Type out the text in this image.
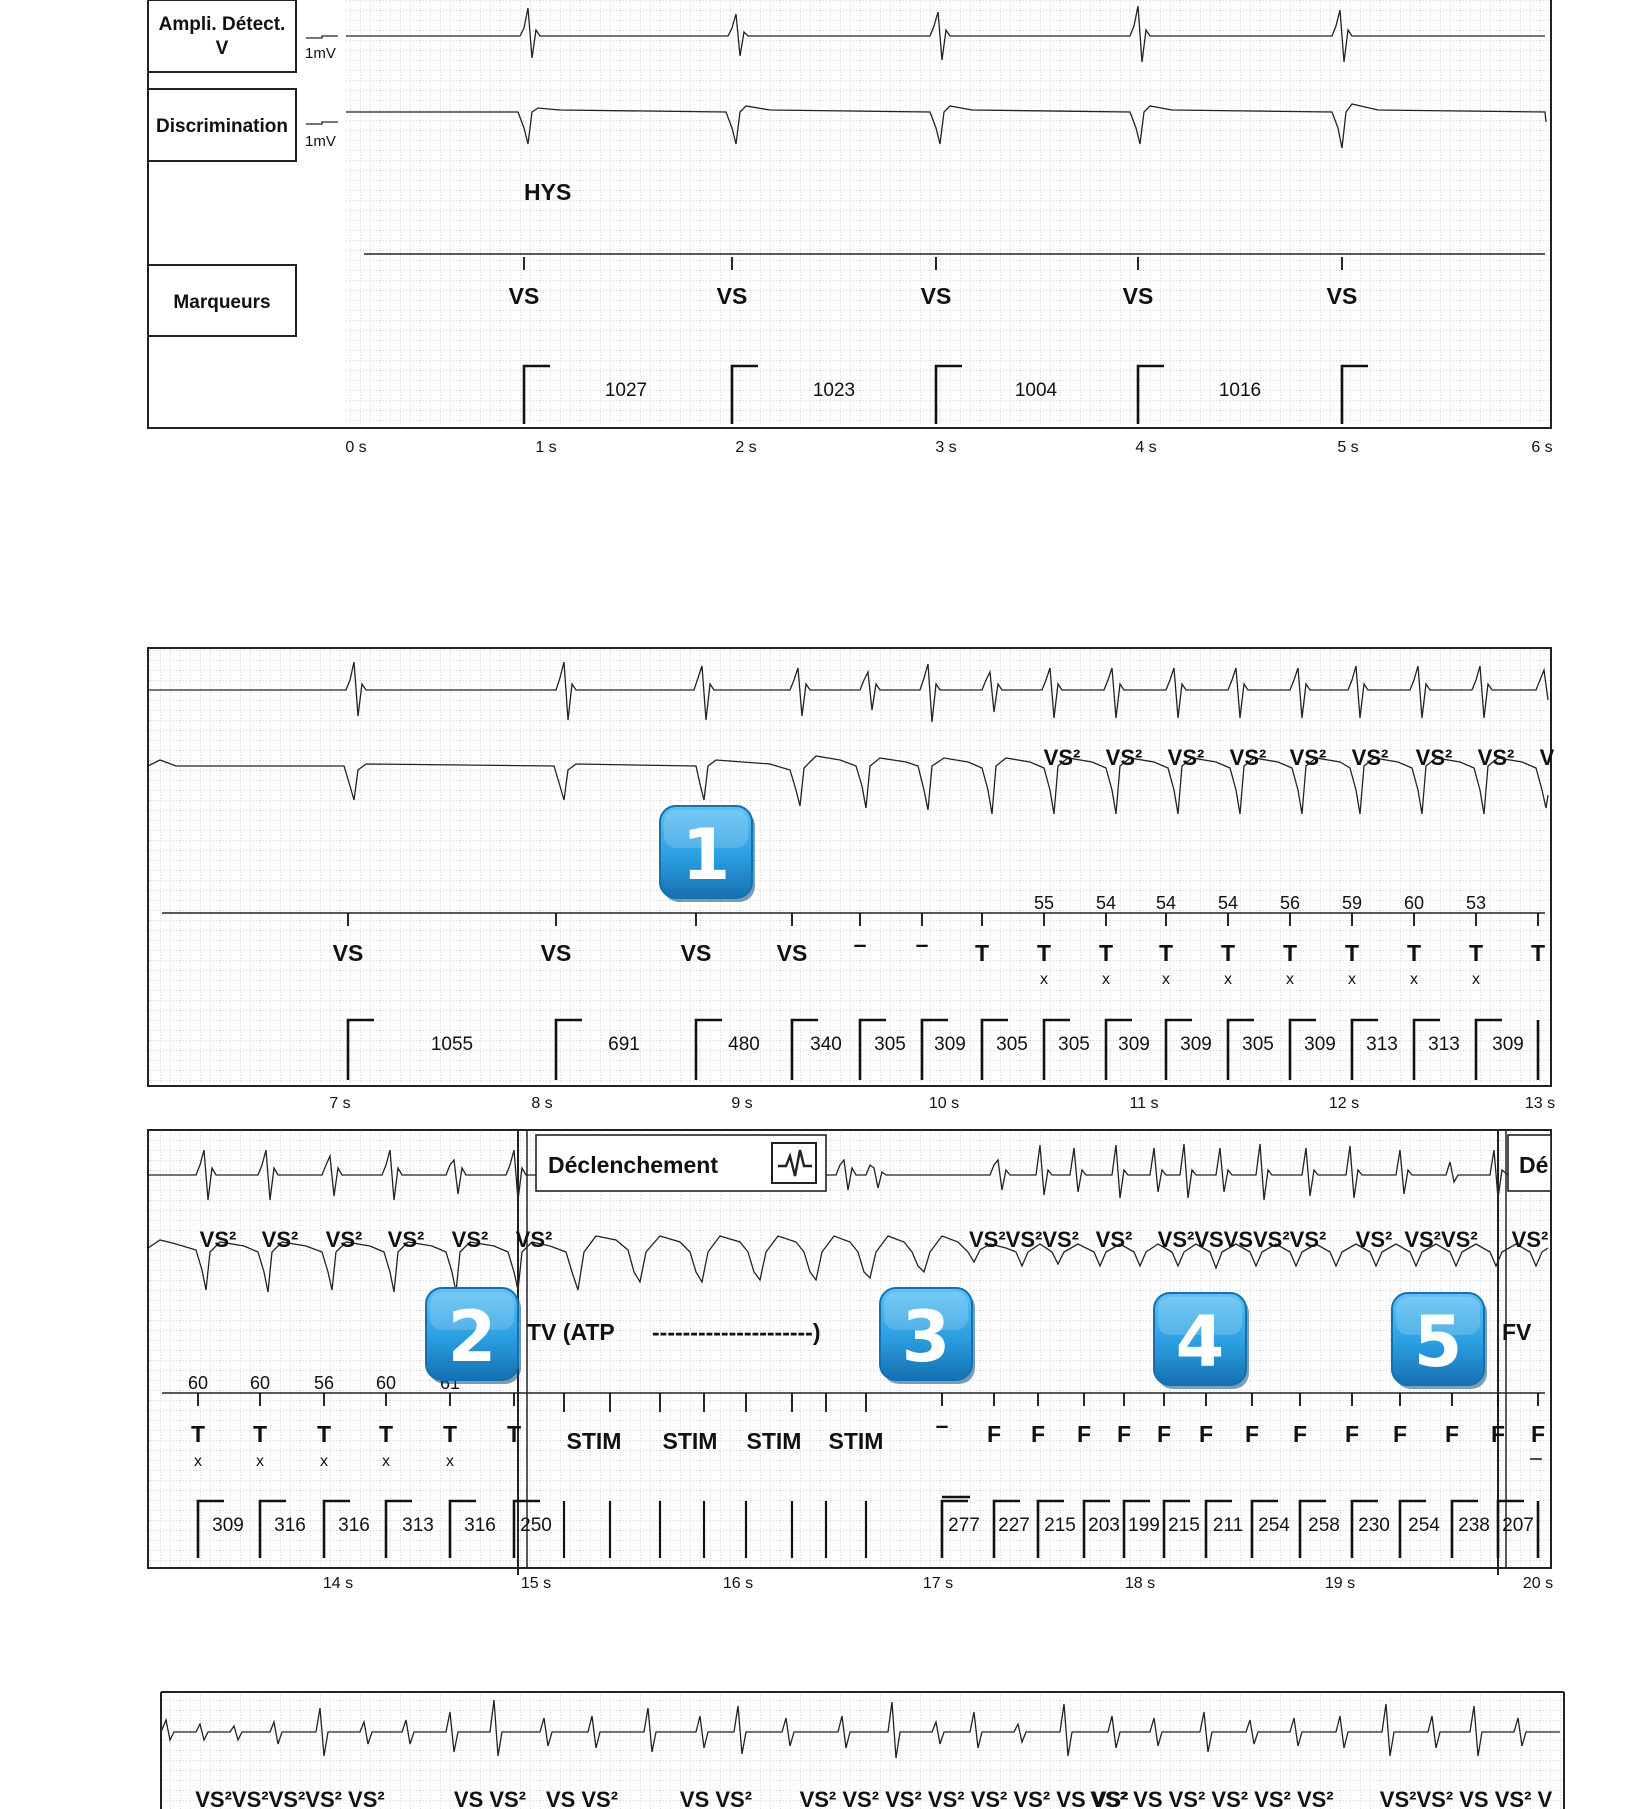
Ampli. Détect.
V
Discrimination
Marqueurs
1mV
1mV
HYS
VS	VS	VS	VS	VS
1027	1023	1004	1016
0 s	1 s	2 s	3 s	4 s	5 s	6 s
VS² VS² VS² VS² VS² VS² VS² VS² V
55 54 54 54 56 59 60 53
VS	VS	VS	VS – – T T T T T T T T T T
x	x	x	x	x	x	x	x
1055	691	480	340 305 309 305 305 309 309 305 309 313 313 309
7 s	8 s	9 s	10 s	11 s	12 s	13 s
Déclenchement	Dé
VS² VS² VS² VS² VS² VS²	VS²VS²VS² VS² VS²VSVSVS²VS² VS² VS²VS² VS²
TV (ATP ---------------------)	FV
60 60 56 60
T T T T T T
x	x	x	x	x
STIM STIM STIM STIM
– F F F F F F F F F F F F F
309 316 316 313 316 250	277 227 215 203 199 215 211 254 258 230 254 238 207
14 s	15 s	16 s	17 s	18 s	19 s	20 s
VS²VS²VS²VS² VS²	VS VS² VS VS²	VS VS² VS² VS² VS² VS² VS² VS² VS VS²
VS² VS VS² VS² VS² VS² VS²VS² VS VS² V
1
2	3	4	5
